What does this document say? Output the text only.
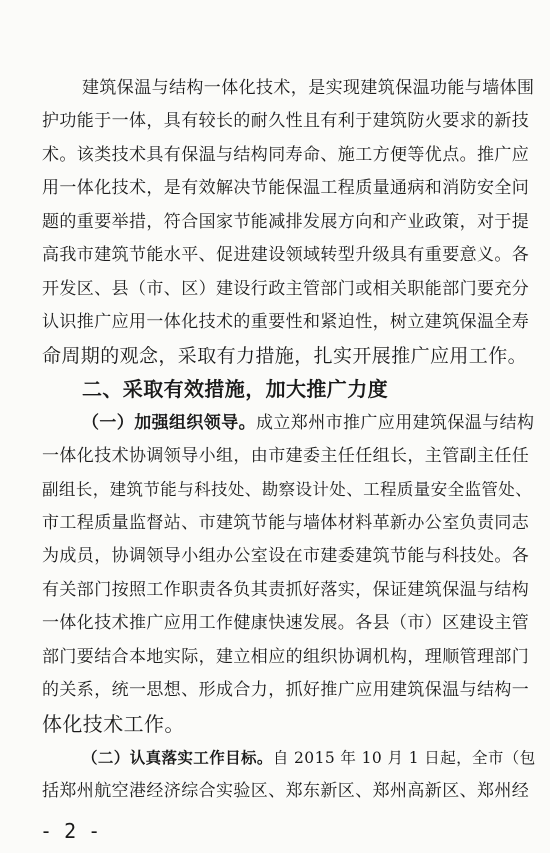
建筑保温与结构一体化技术，是实现建筑保温功能与墙体围
护功能于一体，具有较长的耐久性且有利于建筑防火要求的新技
术。该类技术具有保温与结构同寿命、施工方便等优点。推广应
用一体化技术，是有效解决节能保温工程质量通病和消防安全问
题的重要举措，符合国家节能减排发展方向和产业政策，对于提
高我市建筑节能水平、促进建设领域转型升级具有重要意义。各
开发区、县（市、区）建设行政主管部门或相关职能部门要充分
认识推广应用一体化技术的重要性和紧迫性，树立建筑保温全寿
命周期的观念，采取有力措施，扎实开展推广应用工作。
二、采取有效措施，加大推广力度
（一）加强组织领导。成立郑州市推广应用建筑保温与结构
一体化技术协调领导小组，由市建委主任任组长，主管副主任任
副组长，建筑节能与科技处、勘察设计处、工程质量安全监管处、
市工程质量监督站、市建筑节能与墙体材料革新办公室负责同志
为成员，协调领导小组办公室设在市建委建筑节能与科技处。各
有关部门按照工作职责各负其责抓好落实，保证建筑保温与结构
一体化技术推广应用工作健康快速发展。各县（市）区建设主管
部门要结合本地实际，建立相应的组织协调机构，理顺管理部门
的关系，统一思想、形成合力，抓好推广应用建筑保温与结构一
体化技术工作。
（二）认真落实工作目标。自 2015 年 10 月 1 日起，全市（包
括郑州航空港经济综合实验区、郑东新区、郑州高新区、郑州经
- 2 -
